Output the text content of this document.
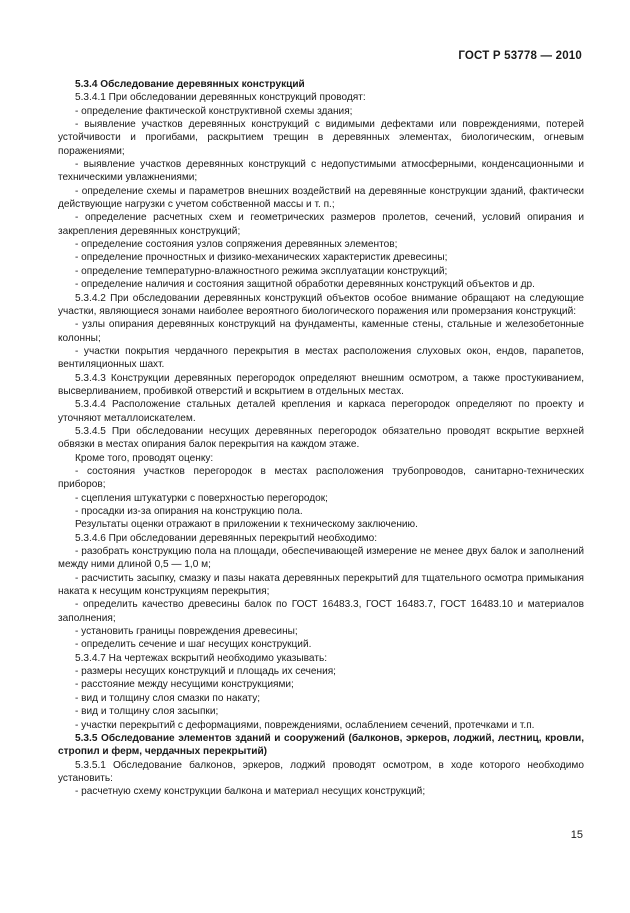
ГОСТ Р 53778 — 2010

5.3.4 Обследование деревянных конструкций

5.3.4.1 При обследовании деревянных конструкций проводят:

- определение фактической конструктивной схемы здания;

- выявление участков деревянных конструкций с видимыми дефектами или повреждениями, потерей устойчивости и прогибами, раскрытием трещин в деревянных элементах, биологическим, огневым поражениями;

- выявление участков деревянных конструкций с недопустимыми атмосферными, конденсационными и техническими увлажнениями;

- определение схемы и параметров внешних воздействий на деревянные конструкции зданий, фактически действующие нагрузки с учетом собственной массы и т. п.;

- определение расчетных схем и геометрических размеров пролетов, сечений, условий опирания и закрепления деревянных конструкций;

- определение состояния узлов сопряжения деревянных элементов;

- определение прочностных и физико-механических характеристик древесины;

- определение температурно-влажностного режима эксплуатации конструкций;

- определение наличия и состояния защитной обработки деревянных конструкций объектов и др.

5.3.4.2 При обследовании деревянных конструкций объектов особое внимание обращают на следующие участки, являющиеся зонами наиболее вероятного биологического поражения или промерзания конструкций:

- узлы опирания деревянных конструкций на фундаменты, каменные стены, стальные и железобетонные колонны;

- участки покрытия чердачного перекрытия в местах расположения слуховых окон, ендов, парапетов, вентиляционных шахт.

5.3.4.3 Конструкции деревянных перегородок определяют внешним осмотром, а также простукиванием, высверливанием, пробивкой отверстий и вскрытием в отдельных местах.

5.3.4.4 Расположение стальных деталей крепления и каркаса перегородок определяют по проекту и уточняют металлоискателем.

5.3.4.5 При обследовании несущих деревянных перегородок обязательно проводят вскрытие верхней обвязки в местах опирания балок перекрытия на каждом этаже.

Кроме того, проводят оценку:

- состояния участков перегородок в местах расположения трубопроводов, санитарно-технических приборов;

- сцепления штукатурки с поверхностью перегородок;

- просадки из-за опирания на конструкцию пола.

Результаты оценки отражают в приложении к техническому заключению.

5.3.4.6 При обследовании деревянных перекрытий необходимо:

- разобрать конструкцию пола на площади, обеспечивающей измерение не менее двух балок и заполнений между ними длиной 0,5 — 1,0 м;

- расчистить засыпку, смазку и пазы наката деревянных перекрытий для тщательного осмотра примыкания наката к несущим конструкциям перекрытия;

- определить качество древесины балок по ГОСТ 16483.3, ГОСТ 16483.7, ГОСТ 16483.10 и материалов заполнения;

- установить границы повреждения древесины;

- определить сечение и шаг несущих конструкций.

5.3.4.7 На чертежах вскрытий необходимо указывать:

- размеры несущих конструкций и площадь их сечения;

- расстояние между несущими конструкциями;

- вид и толщину слоя смазки по накату;

- вид и толщину слоя засыпки;

- участки перекрытий с деформациями, повреждениями, ослаблением сечений, протечками и т.п.

5.3.5 Обследование элементов зданий и сооружений (балконов, эркеров, лоджий, лестниц, кровли, стропил и ферм, чердачных перекрытий)

5.3.5.1 Обследование балконов, эркеров, лоджий проводят осмотром, в ходе которого необходимо установить:

- расчетную схему конструкции балкона и материал несущих конструкций;

15
